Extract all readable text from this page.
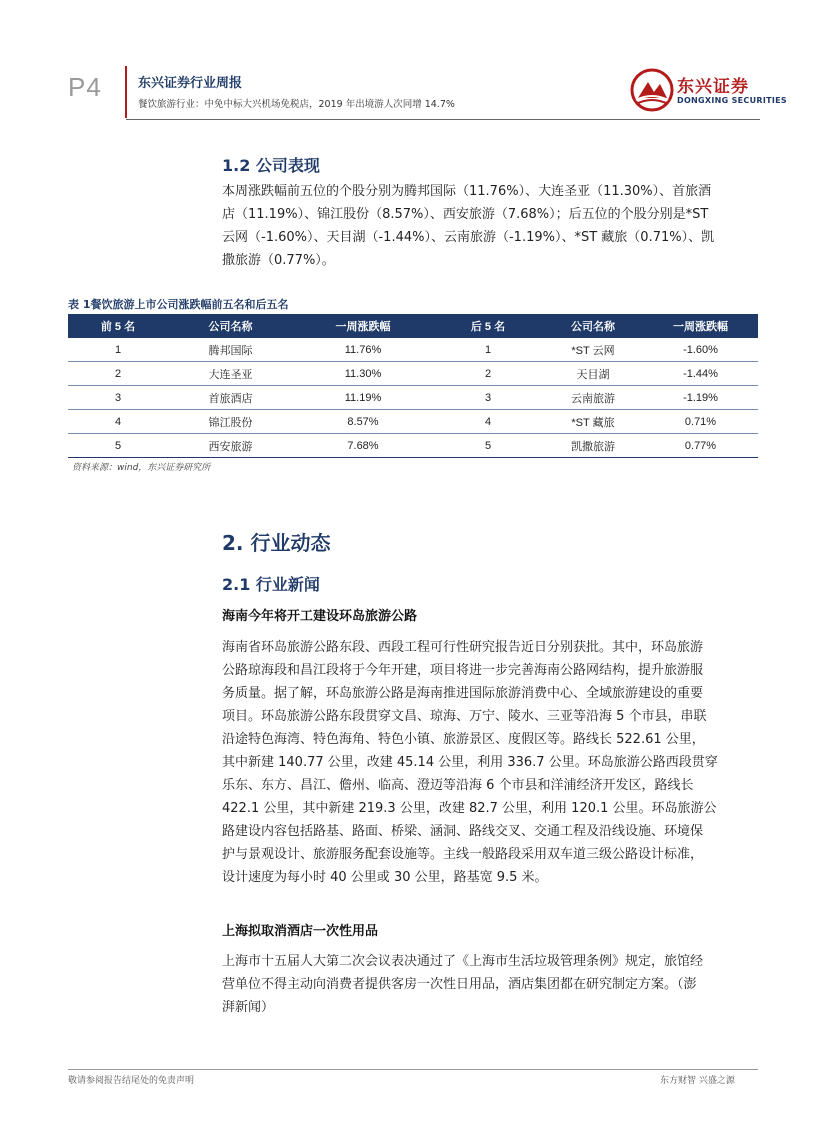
P4	东兴证券行业周报
餐饮旅游行业：中免中标大兴机场免税店，2019 年出境游人次同增 14.7%
东兴证券
DONGXING SECURITIES
1.2 公司表现
本周涨跌幅前五位的个股分别为腾邦国际（11.76%）、大连圣亚（11.30%）、首旅酒
店（11.19%）、锦江股份（8.57%）、西安旅游（7.68%）；后五位的个股分别是*ST
云网（-1.60%）、天目湖（-1.44%）、云南旅游（-1.19%）、*ST 藏旅（0.71%）、凯
撒旅游（0.77%）。
表 1餐饮旅游上市公司涨跌幅前五名和后五名
前 5 名	公司名称	一周涨跌幅	后 5 名	公司名称	一周涨跌幅
1	腾邦国际	11.76%	1	*ST 云网	-1.60%
2	大连圣亚	11.30%	2	天目湖	-1.44%
3	首旅酒店	11.19%	3	云南旅游	-1.19%
4	锦江股份	8.57%	4	*ST 藏旅	0.71%
5	西安旅游	7.68%	5	凯撒旅游	0.77%
资料来源：wind，东兴证券研究所
2. 行业动态
2.1 行业新闻
海南今年将开工建设环岛旅游公路
海南省环岛旅游公路东段、西段工程可行性研究报告近日分别获批。其中，环岛旅游
公路琼海段和昌江段将于今年开建，项目将进一步完善海南公路网结构，提升旅游服
务质量。据了解，环岛旅游公路是海南推进国际旅游消费中心、全域旅游建设的重要
项目。环岛旅游公路东段贯穿文昌、琼海、万宁、陵水、三亚等沿海 5 个市县，串联
沿途特色海湾、特色海角、特色小镇、旅游景区、度假区等。路线长 522.61 公里，
其中新建 140.77 公里，改建 45.14 公里，利用 336.7 公里。环岛旅游公路西段贯穿
乐东、东方、昌江、儋州、临高、澄迈等沿海 6 个市县和洋浦经济开发区，路线长
422.1 公里，其中新建 219.3 公里，改建 82.7 公里，利用 120.1 公里。环岛旅游公
路建设内容包括路基、路面、桥梁、涵洞、路线交叉、交通工程及沿线设施、环境保
护与景观设计、旅游服务配套设施等。主线一般路段采用双车道三级公路设计标准，
设计速度为每小时 40 公里或 30 公里，路基宽 9.5 米。
上海拟取消酒店一次性用品
上海市十五届人大第二次会议表决通过了《上海市生活垃圾管理条例》规定，旅馆经
营单位不得主动向消费者提供客房一次性日用品，酒店集团都在研究制定方案。（澎
湃新闻）
敬请参阅报告结尾处的免责声明	东方财智 兴盛之源
